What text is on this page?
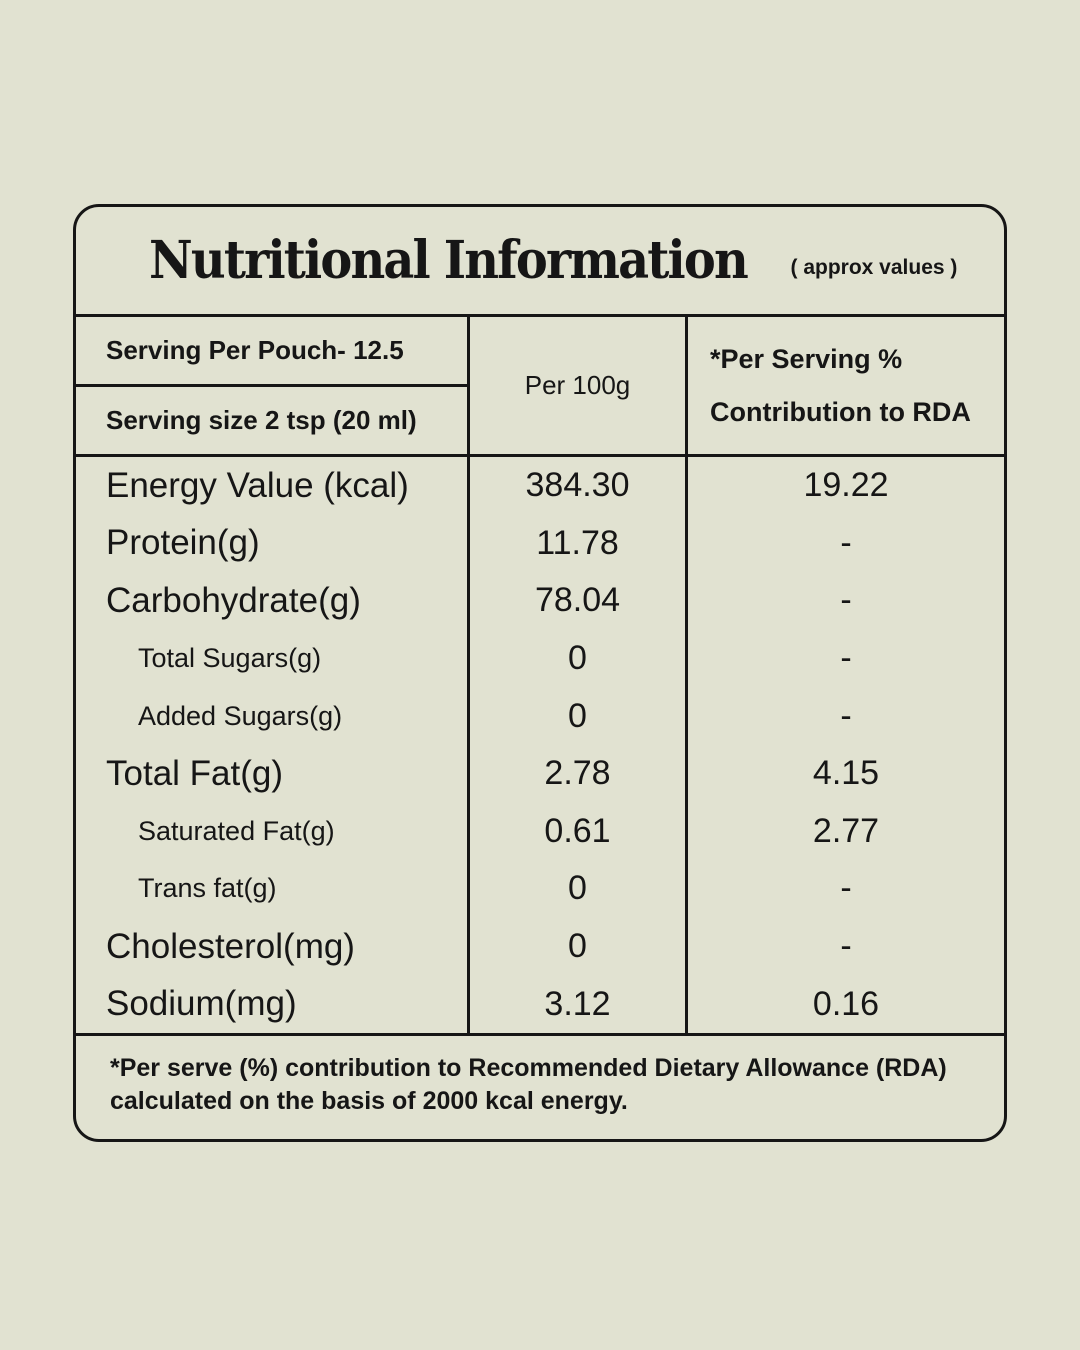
Nutritional Information ( approx values )
Serving Per Pouch- 12.5
Serving size 2 tsp (20 ml)
Per 100g
*Per Serving %
Contribution to RDA
Energy Value (kcal)	384.30	19.22
Protein(g)	11.78	-
Carbohydrate(g)	78.04	-
Total Sugars(g)	0	-
Added Sugars(g)	0	-
Total Fat(g)	2.78	4.15
Saturated Fat(g)	0.61	2.77
Trans fat(g)	0	-
Cholesterol(mg)	0	-
Sodium(mg)	3.12	0.16

*Per serve (%) contribution to Recommended Dietary Allowance (RDA) calculated on the basis of 2000 kcal energy.
